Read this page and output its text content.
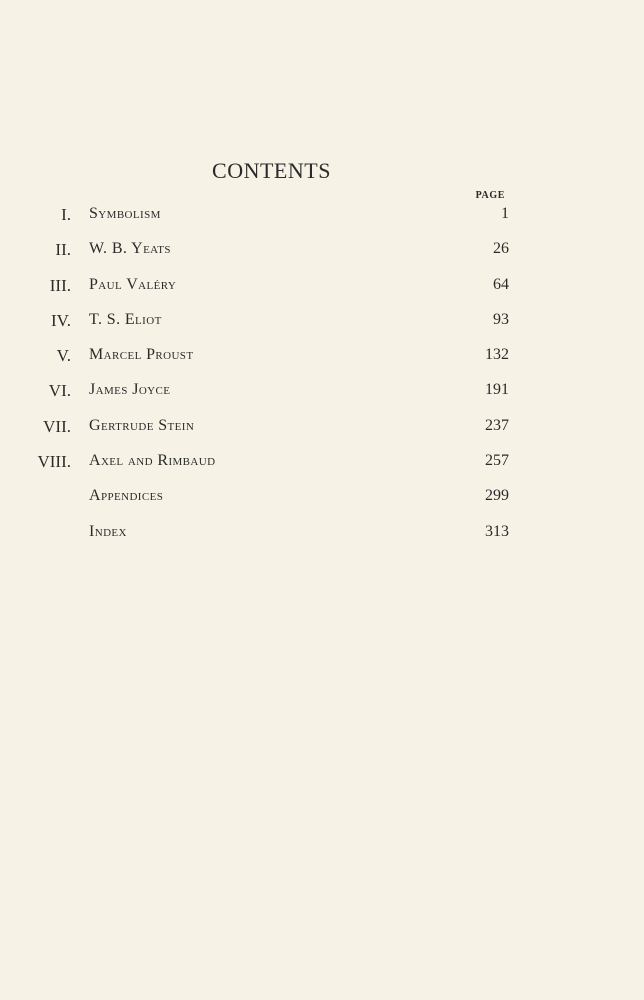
CONTENTS
PAGE
I. Symbolism	1
II. W. B. Yeats	26
III. Paul Valéry	64
IV. T. S. Eliot	93
V. Marcel Proust	132
VI. James Joyce	191
VII. Gertrude Stein	237
VIII. Axel and Rimbaud	257
Appendices	299
Index	313
